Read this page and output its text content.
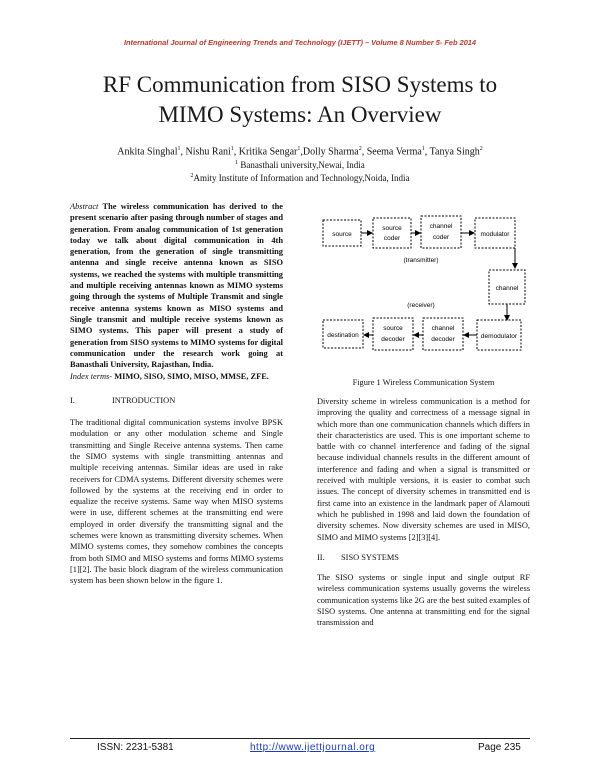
International Journal of Engineering Trends and Technology (IJETT) – Volume 8 Number 5- Feb 2014
RF Communication from SISO Systems to
MIMO Systems: An Overview
Ankita Singhal$^1$, Nishu Rani$^1$, Kritika Sengar$^1$,Dolly Sharma$^2$, Seema Verma$^1$, Tanya Singh$^2$
$^1$ Banasthali university,Newai, India
$^2$Amity Institute of Information and Technology,Noida, India

Abstract The wireless communication has derived to the present scenario after pasing through number of stages and generation. From analog communication of 1st generation today we talk about digital communication in 4th generation, from the generation of single transmitting antenna and single receive antenna known as SISO systems, we reached the systems with multiple transmitting and multiple receiving antennas known as MIMO systems going through the systems of Multiple Transmit and single receive antenna systems known as MISO systems and Single transmit and multiple receive systems known as SIMO systems. This paper will present a study of generation from SISO systems to MIMO systems for digital communication under the research work going at Banasthali University, Rajasthan, India.

Index terms- MIMO, SISO, SIMO, MISO, MMSE, ZFE.

I.	INTRODUCTION

The traditional digital communication systems involve BPSK modulation or any other modulation scheme and Single transmitting and Single Receive antenna systems. Then came the SIMO systems with single transmitting antennas and multiple receiving antennas. Similar ideas are used in rake receivers for CDMA systems. Different diversity schemes were followed by the systems at the receiving end in order to equalize the receive systems. Same way when MISO systems were in use, different schemes at the transmitting end were employed in order diversify the transmitting signal and the schemes were known as transmitting diversity schemes. When MIMO systems comes, they somehow combines the concepts from both SIMO and MISO systems and forms MIMO systems [1][2]. The basic block diagram of the wireless communication system has been shown below in the figure 1.

source
source
coder
channel
coder	modulator
(transmitter)
channel
(receiver)
destination
source
decoder
channel
decoder	demodulator
Figure 1 Wireless Communication System

Diversity scheme in wireless communication is a method for improving the quality and correctness of a message signal in which more than one communication channels which differs in their characteristics are used. This is one important scheme to battle with co channel interference and fading of the signal because individual channels results in the different amount of interference and fading and when a signal is transmitted or received with multiple versions, it is easier to combat such issues. The concept of diversity schemes in transmitted end is first came into an existence in the landmark paper of Alamouti which he published in 1998 and laid down the foundation of diversity schemes. Now diversity schemes are used in MISO, SIMO and MIMO systems [2][3][4].

II.	SISO SYSTEMS

The SISO systems or single input and single output RF wireless communication systems usually governs the wireless communication systems like 2G are the best suited examples of SISO systems. One antenna at transmitting end for the signal transmission and

ISSN: 2231-5381	http://www.ijettjournal.org	Page 235
